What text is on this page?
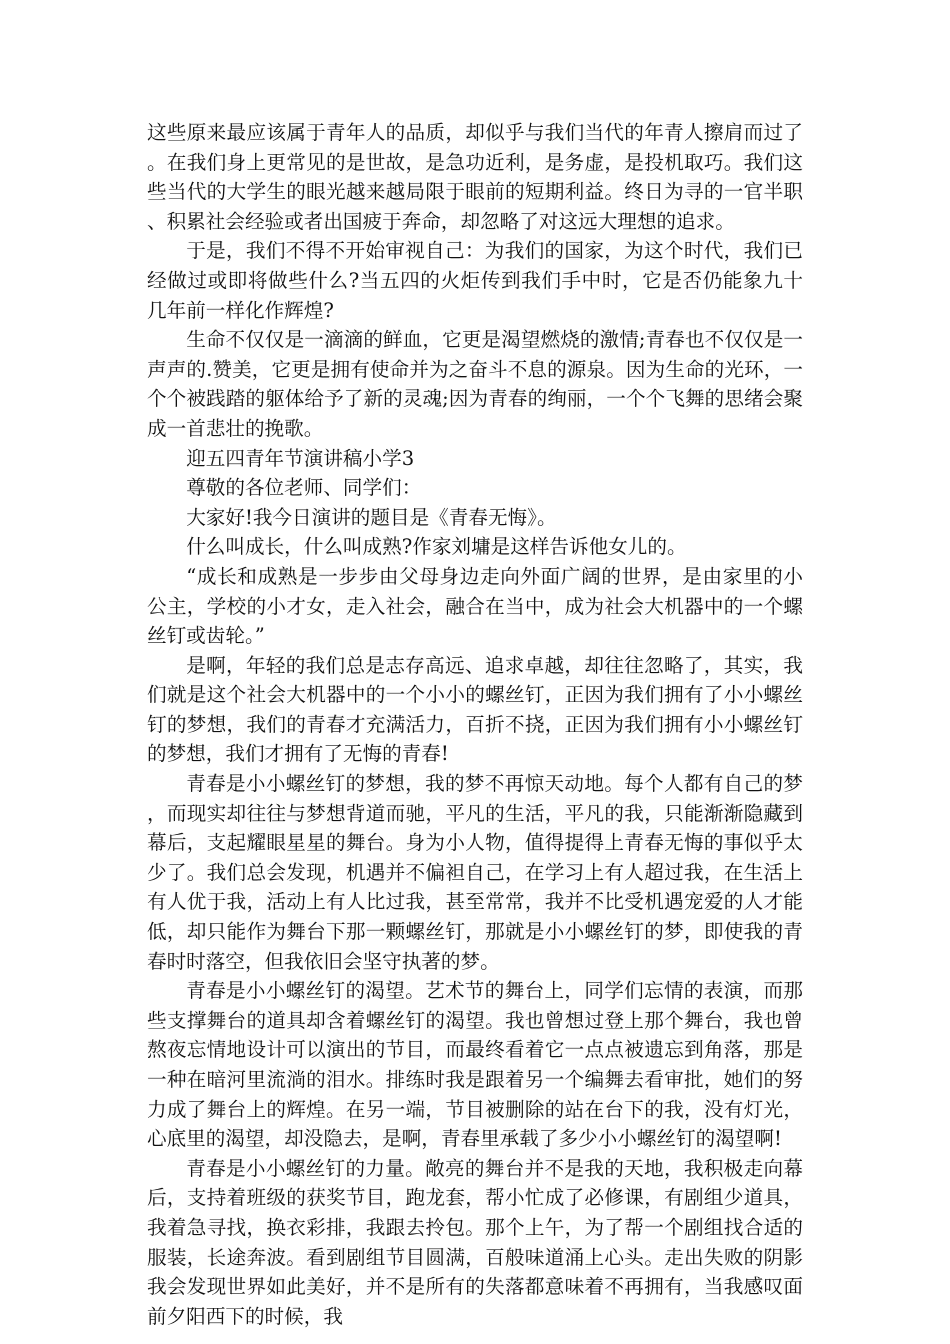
这些原来最应该属于青年人的品质，却似乎与我们当代的年青人擦肩而过了。在我们身上更常见的是世故，是急功近利，是务虚，是投机取巧。我们这些当代的大学生的眼光越来越局限于眼前的短期利益。终日为寻的一官半职、积累社会经验或者出国疲于奔命，却忽略了对这远大理想的追求。

于是，我们不得不开始审视自己：为我们的国家，为这个时代，我们已经做过或即将做些什么?当五四的火炬传到我们手中时，它是否仍能象九十几年前一样化作辉煌?

生命不仅仅是一滴滴的鲜血，它更是渴望燃烧的激情;青春也不仅仅是一声声的.赞美，它更是拥有使命并为之奋斗不息的源泉。因为生命的光环，一个个被践踏的躯体给予了新的灵魂;因为青春的绚丽，一个个飞舞的思绪会聚成一首悲壮的挽歌。

迎五四青年节演讲稿小学3

尊敬的各位老师、同学们：

大家好!我今日演讲的题目是《青春无悔》。

什么叫成长，什么叫成熟?作家刘墉是这样告诉他女儿的。

“成长和成熟是一步步由父母身边走向外面广阔的世界，是由家里的小公主，学校的小才女，走入社会，融合在当中，成为社会大机器中的一个螺丝钉或齿轮。”

是啊，年轻的我们总是志存高远、追求卓越，却往往忽略了，其实，我们就是这个社会大机器中的一个小小的螺丝钉，正因为我们拥有了小小螺丝钉的梦想，我们的青春才充满活力，百折不挠，正因为我们拥有小小螺丝钉的梦想，我们才拥有了无悔的青春!

青春是小小螺丝钉的梦想，我的梦不再惊天动地。每个人都有自己的梦，而现实却往往与梦想背道而驰，平凡的生活，平凡的我，只能渐渐隐藏到幕后，支起耀眼星星的舞台。身为小人物，值得提得上青春无悔的事似乎太少了。我们总会发现，机遇并不偏袒自己，在学习上有人超过我，在生活上有人优于我，活动上有人比过我，甚至常常，我并不比受机遇宠爱的人才能低，却只能作为舞台下那一颗螺丝钉，那就是小小螺丝钉的梦，即使我的青春时时落空，但我依旧会坚守执著的梦。

青春是小小螺丝钉的渴望。艺术节的舞台上，同学们忘情的表演，而那些支撑舞台的道具却含着螺丝钉的渴望。我也曾想过登上那个舞台，我也曾熬夜忘情地设计可以演出的节目，而最终看着它一点点被遗忘到角落，那是一种在暗河里流淌的泪水。排练时我是跟着另一个编舞去看审批，她们的努力成了舞台上的辉煌。在另一端，节目被删除的站在台下的我，没有灯光，心底里的渴望，却没隐去，是啊，青春里承载了多少小小螺丝钉的渴望啊!

青春是小小螺丝钉的力量。敞亮的舞台并不是我的天地，我积极走向幕后，支持着班级的获奖节目，跑龙套，帮小忙成了必修课，有剧组少道具，我着急寻找，换衣彩排，我跟去拎包。那个上午，为了帮一个剧组找合适的服装，长途奔波。看到剧组节目圆满，百般味道涌上心头。走出失败的阴影我会发现世界如此美好，并不是所有的失落都意味着不再拥有，当我感叹面前夕阳西下的时候，我
